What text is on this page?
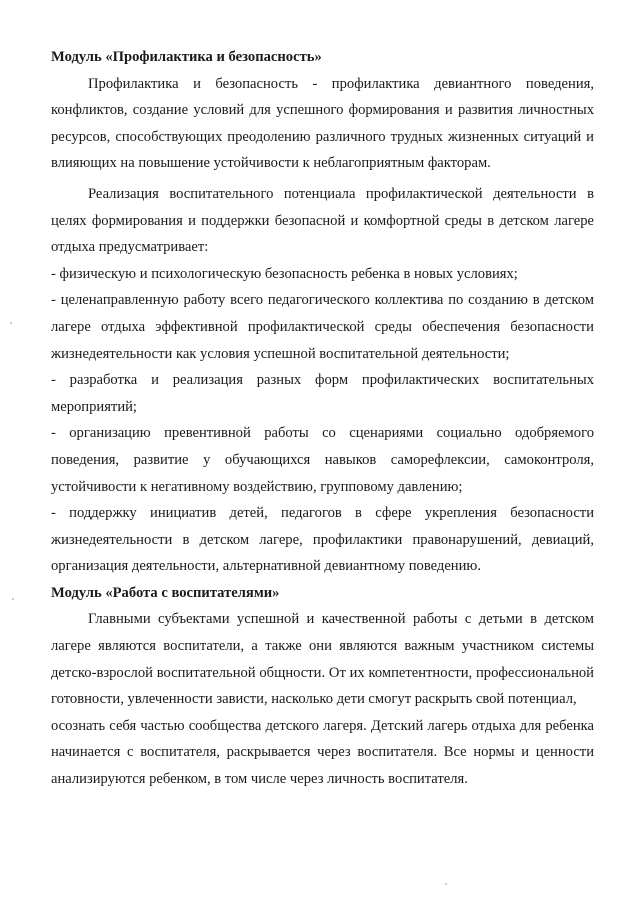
Модуль «Профилактика и безопасность»

Профилактика и безопасность - профилактика девиантного поведения, конфликтов, создание условий для успешного формирования и развития личностных ресурсов, способствующих преодолению различного трудных жизненных ситуаций и влияющих на повышение устойчивости к неблагоприятным факторам.

Реализация воспитательного потенциала профилактической деятельности в целях формирования и поддержки безопасной и комфортной среды в детском лагере отдыха предусматривает:

- физическую и психологическую безопасность ребенка в новых условиях;

- целенаправленную работу всего педагогического коллектива по созданию в детском лагере отдыха эффективной профилактической среды обеспечения безопасности жизнедеятельности как условия успешной воспитательной деятельности;

- разработка и реализация разных форм профилактических воспитательных мероприятий;

- организацию превентивной работы со сценариями социально одобряемого поведения, развитие у обучающихся навыков саморефлексии, самоконтроля, устойчивости к негативному воздействию, групповому давлению;

- поддержку инициатив детей, педагогов в сфере укрепления безопасности жизнедеятельности в детском лагере, профилактики правонарушений, девиаций, организация деятельности, альтернативной девиантному поведению.

Модуль «Работа с воспитателями»

Главными субъектами успешной и качественной работы с детьми в детском лагере являются воспитатели, а также они являются важным участником системы детско-взрослой воспитательной общности. От их компетентности, профессиональной готовности, увлеченности зависти, насколько дети смогут раскрыть свой потенциал,

осознать себя частью сообщества детского лагеря. Детский лагерь отдыха для ребенка начинается с воспитателя, раскрывается через воспитателя. Все нормы и ценности анализируются ребенком, в том числе через личность воспитателя.
